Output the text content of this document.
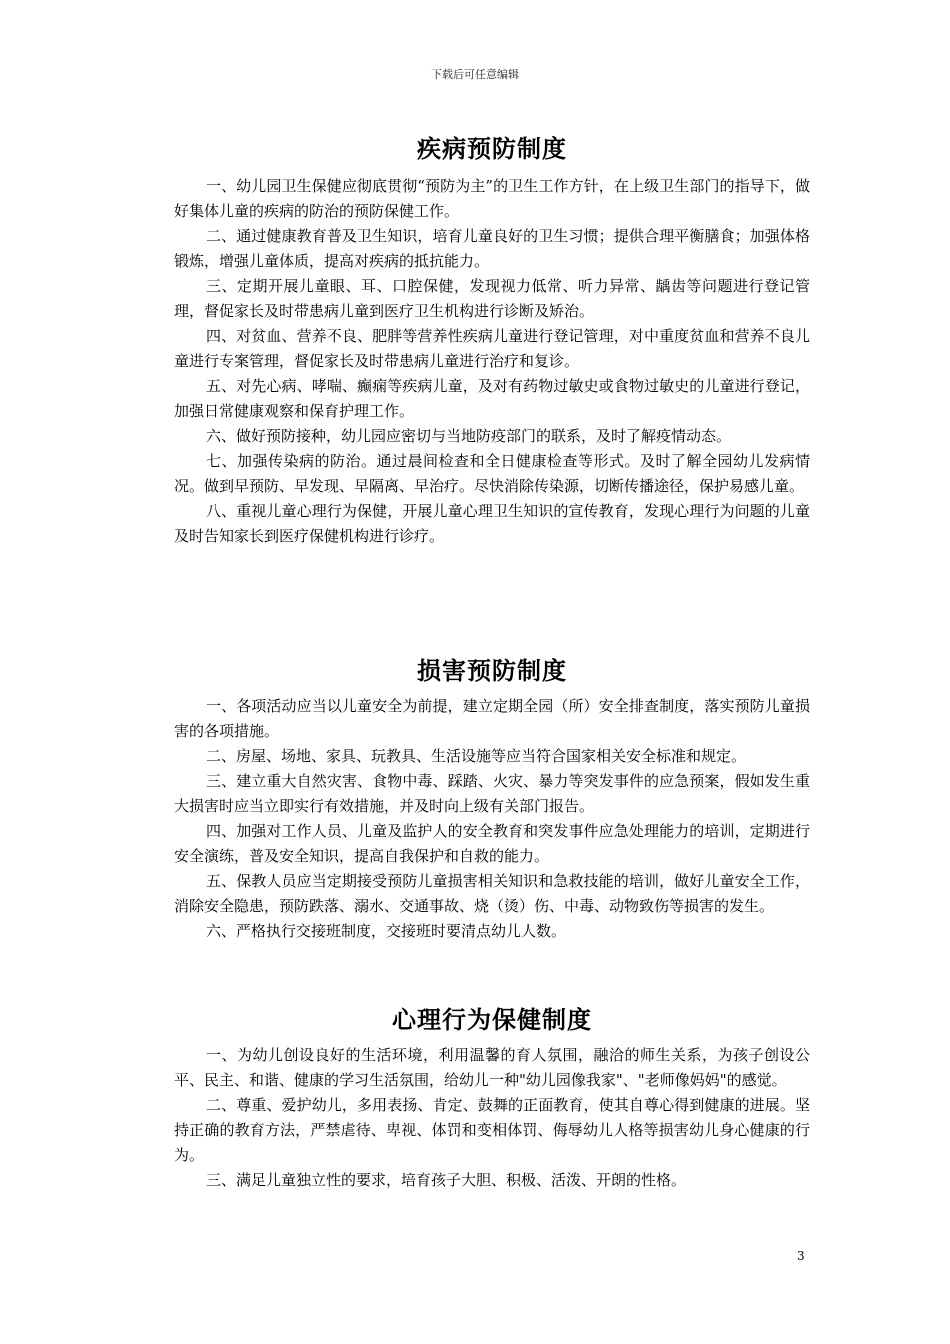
下载后可任意编辑
疾病预防制度

一、幼儿园卫生保健应彻底贯彻“预防为主”的卫生工作方针，在上级卫生部门的指导下，做好集体儿童的疾病的防治的预防保健工作。

二、通过健康教育普及卫生知识，培育儿童良好的卫生习惯；提供合理平衡膳食；加强体格锻炼，增强儿童体质，提高对疾病的抵抗能力。

三、定期开展儿童眼、耳、口腔保健，发现视力低常、听力异常、龋齿等问题进行登记管理，督促家长及时带患病儿童到医疗卫生机构进行诊断及矫治。

四、对贫血、营养不良、肥胖等营养性疾病儿童进行登记管理，对中重度贫血和营养不良儿童进行专案管理，督促家长及时带患病儿童进行治疗和复诊。

五、对先心病、哮喘、癫痫等疾病儿童，及对有药物过敏史或食物过敏史的儿童进行登记，加强日常健康观察和保育护理工作。

六、做好预防接种，幼儿园应密切与当地防疫部门的联系，及时了解疫情动态。

七、加强传染病的防治。通过晨间检查和全日健康检查等形式。及时了解全园幼儿发病情况。做到早预防、早发现、早隔离、早治疗。尽快消除传染源，切断传播途径，保护易感儿童。

八、重视儿童心理行为保健，开展儿童心理卫生知识的宣传教育，发现心理行为问题的儿童及时告知家长到医疗保健机构进行诊疗。

损害预防制度

一、各项活动应当以儿童安全为前提，建立定期全园（所）安全排查制度，落实预防儿童损害的各项措施。

二、房屋、场地、家具、玩教具、生活设施等应当符合国家相关安全标准和规定。

三、建立重大自然灾害、食物中毒、踩踏、火灾、暴力等突发事件的应急预案，假如发生重大损害时应当立即实行有效措施，并及时向上级有关部门报告。

四、加强对工作人员、儿童及监护人的安全教育和突发事件应急处理能力的培训，定期进行安全演练，普及安全知识，提高自我保护和自救的能力。

五、保教人员应当定期接受预防儿童损害相关知识和急救技能的培训，做好儿童安全工作，消除安全隐患，预防跌落、溺水、交通事故、烧（烫）伤、中毒、动物致伤等损害的发生。

六、严格执行交接班制度，交接班时要清点幼儿人数。

心理行为保健制度

一、为幼儿创设良好的生活环境，利用温馨的育人氛围，融洽的师生关系，为孩子创设公平、民主、和谐、健康的学习生活氛围，给幼儿一种"幼儿园像我家"、"老师像妈妈"的感觉。

二、尊重、爱护幼儿，多用表扬、肯定、鼓舞的正面教育，使其自尊心得到健康的进展。坚持正确的教育方法，严禁虐待、卑视、体罚和变相体罚、侮辱幼儿人格等损害幼儿身心健康的行为。

三、满足儿童独立性的要求，培育孩子大胆、积极、活泼、开朗的性格。

3
